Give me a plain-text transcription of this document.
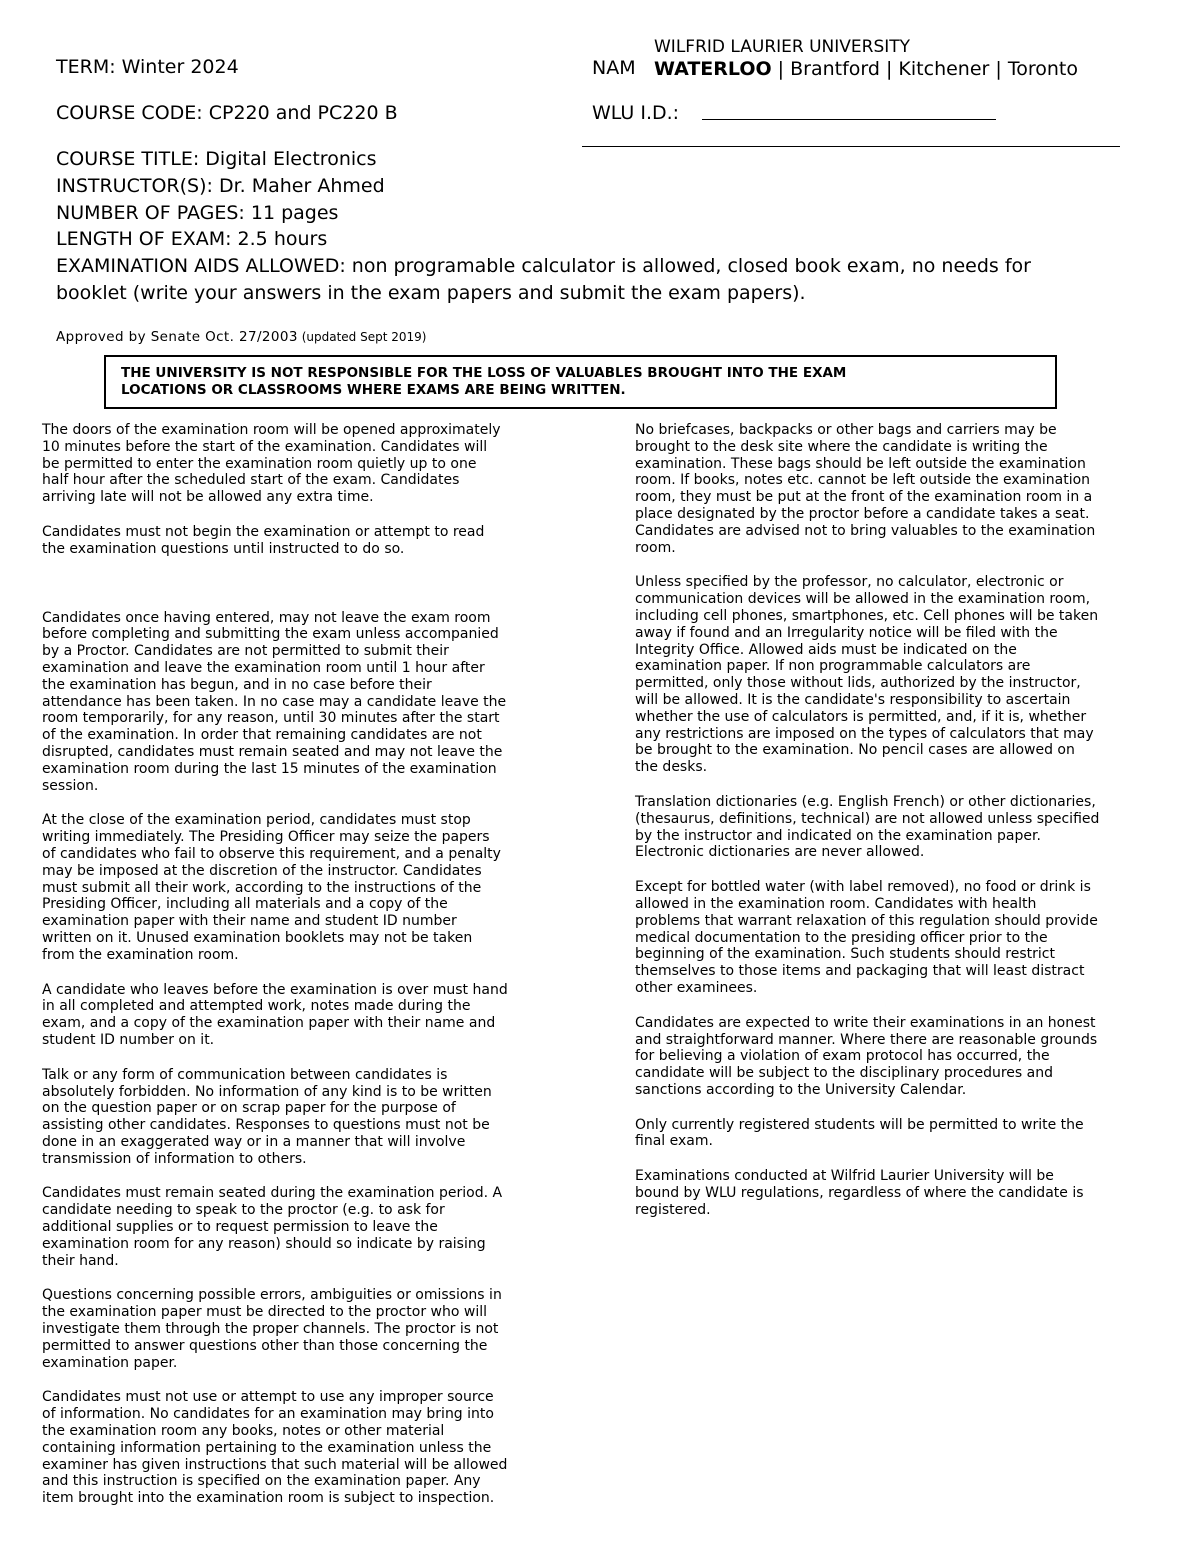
TERM: Winter 2024
COURSE CODE: CP220 and PC220 B
NAM
WILFRID LAURIER UNIVERSITY
WATERLOO | Brantford | Kitchener | Toronto
WLU I.D.:
COURSE TITLE: Digital Electronics
INSTRUCTOR(S): Dr. Maher Ahmed
NUMBER OF PAGES: 11 pages
LENGTH OF EXAM: 2.5 hours
EXAMINATION AIDS ALLOWED: non programable calculator is allowed, closed book exam, no needs for
booklet (write your answers in the exam papers and submit the exam papers).
Approved by Senate Oct. 27/2003 (updated Sept 2019)
THE UNIVERSITY IS NOT RESPONSIBLE FOR THE LOSS OF VALUABLES BROUGHT INTO THE EXAM
LOCATIONS OR CLASSROOMS WHERE EXAMS ARE BEING WRITTEN.

The doors of the examination room will be opened approximately
10 minutes before the start of the examination. Candidates will
be permitted to enter the examination room quietly up to one
half hour after the scheduled start of the exam. Candidates
arriving late will not be allowed any extra time.

Candidates must not begin the examination or attempt to read
the examination questions until instructed to do so.

Candidates once having entered, may not leave the exam room
before completing and submitting the exam unless accompanied
by a Proctor. Candidates are not permitted to submit their
examination and leave the examination room until 1 hour after
the examination has begun, and in no case before their
attendance has been taken. In no case may a candidate leave the
room temporarily, for any reason, until 30 minutes after the start
of the examination. In order that remaining candidates are not
disrupted, candidates must remain seated and may not leave the
examination room during the last 15 minutes of the examination
session.

At the close of the examination period, candidates must stop
writing immediately. The Presiding Officer may seize the papers
of candidates who fail to observe this requirement, and a penalty
may be imposed at the discretion of the instructor. Candidates
must submit all their work, according to the instructions of the
Presiding Officer, including all materials and a copy of the
examination paper with their name and student ID number
written on it. Unused examination booklets may not be taken
from the examination room.

A candidate who leaves before the examination is over must hand
in all completed and attempted work, notes made during the
exam, and a copy of the examination paper with their name and
student ID number on it.

Talk or any form of communication between candidates is
absolutely forbidden. No information of any kind is to be written
on the question paper or on scrap paper for the purpose of
assisting other candidates. Responses to questions must not be
done in an exaggerated way or in a manner that will involve
transmission of information to others.

Candidates must remain seated during the examination period. A
candidate needing to speak to the proctor (e.g. to ask for
additional supplies or to request permission to leave the
examination room for any reason) should so indicate by raising
their hand.

Questions concerning possible errors, ambiguities or omissions in
the examination paper must be directed to the proctor who will
investigate them through the proper channels. The proctor is not
permitted to answer questions other than those concerning the
examination paper.

Candidates must not use or attempt to use any improper source
of information. No candidates for an examination may bring into
the examination room any books, notes or other material
containing information pertaining to the examination unless the
examiner has given instructions that such material will be allowed
and this instruction is specified on the examination paper. Any
item brought into the examination room is subject to inspection.

No briefcases, backpacks or other bags and carriers may be
brought to the desk site where the candidate is writing the
examination. These bags should be left outside the examination
room. If books, notes etc. cannot be left outside the examination
room, they must be put at the front of the examination room in a
place designated by the proctor before a candidate takes a seat.
Candidates are advised not to bring valuables to the examination
room.

Unless specified by the professor, no calculator, electronic or
communication devices will be allowed in the examination room,
including cell phones, smartphones, etc. Cell phones will be taken
away if found and an Irregularity notice will be filed with the
Integrity Office. Allowed aids must be indicated on the
examination paper. If non programmable calculators are
permitted, only those without lids, authorized by the instructor,
will be allowed. It is the candidate's responsibility to ascertain
whether the use of calculators is permitted, and, if it is, whether
any restrictions are imposed on the types of calculators that may
be brought to the examination. No pencil cases are allowed on
the desks.

Translation dictionaries (e.g. English French) or other dictionaries,
(thesaurus, definitions, technical) are not allowed unless specified
by the instructor and indicated on the examination paper.
Electronic dictionaries are never allowed.

Except for bottled water (with label removed), no food or drink is
allowed in the examination room. Candidates with health
problems that warrant relaxation of this regulation should provide
medical documentation to the presiding officer prior to the
beginning of the examination. Such students should restrict
themselves to those items and packaging that will least distract
other examinees.

Candidates are expected to write their examinations in an honest
and straightforward manner. Where there are reasonable grounds
for believing a violation of exam protocol has occurred, the
candidate will be subject to the disciplinary procedures and
sanctions according to the University Calendar.

Only currently registered students will be permitted to write the
final exam.

Examinations conducted at Wilfrid Laurier University will be
bound by WLU regulations, regardless of where the candidate is
registered.
